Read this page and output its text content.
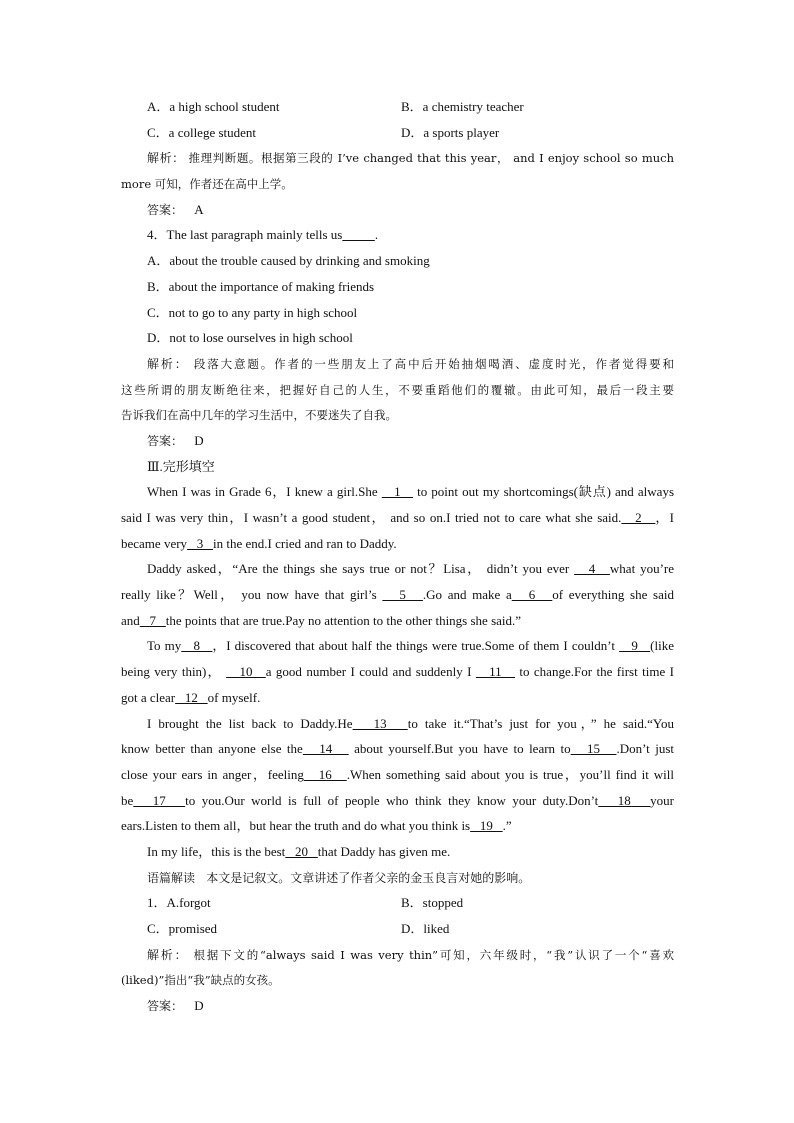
A．a high school student	B．a chemistry teacher
C．a college student	D．a sports player
解析： 推理判断题。根据第三段的 I’ve changed that this year， and I enjoy school so much
more 可知，作者还在高中上学。
答案： A
4．The last paragraph mainly tells us	.
A．about the trouble caused by drinking and smoking
B．about the importance of making friends
C．not to go to any party in high school
D．not to lose ourselves in high school
解析： 段落大意题。作者的一些朋友上了高中后开始抽烟喝酒、虚度时光，作者觉得要和
这些所谓的朋友断绝往来，把握好自己的人生，不要重蹈他们的覆辙。由此可知，最后一段主要
告诉我们在高中几年的学习生活中，不要迷失了自我。
答案： D
Ⅲ.完形填空
When I was in Grade 6，I knew a girl.She    1    to point out my shortcomings(缺点) and always
said I was very thin，I wasn’t a good student， and so on.I tried not to care what she said.   2   ，I
became very   3   in the end.I cried and ran to Daddy.
Daddy asked，“Are the things she says true or not？Lisa， didn’t you ever    4   what you’re
really like？Well， you now have that girl’s    5   .Go and make a   6   of everything she said
and   7   the points that are true.Pay no attention to the other things she said.”
To my   8   ，I discovered that about half the things were true.Some of them I couldn’t    9   (like
being very thin)，    10   a good number I could and suddenly I    11    to change.For the first time I
got a clear   12   of myself.
I brought the list back to Daddy.He   13   to take it.“That’s just for you，” he said.“You
know better than anyone else the   14    about yourself.But you have to learn to   15   .Don’t just
close your ears in anger，feeling   16   .When something said about you is true，you’ll find it will
be   17   to you.Our world is full of people who think they know your duty.Don’t   18   your
ears.Listen to them all，but hear the truth and do what you think is   19   .”
In my life，this is the best   20   that Daddy has given me.
语篇解读 本文是记叙文。文章讲述了作者父亲的金玉良言对她的影响。
1．A.forgot	B．stopped
C．promised	D．liked
解析： 根据下文的“always said I was very thin”可知，六年级时，“我”认识了一个“喜欢
(liked)”指出“我”缺点的女孩。
答案： D
